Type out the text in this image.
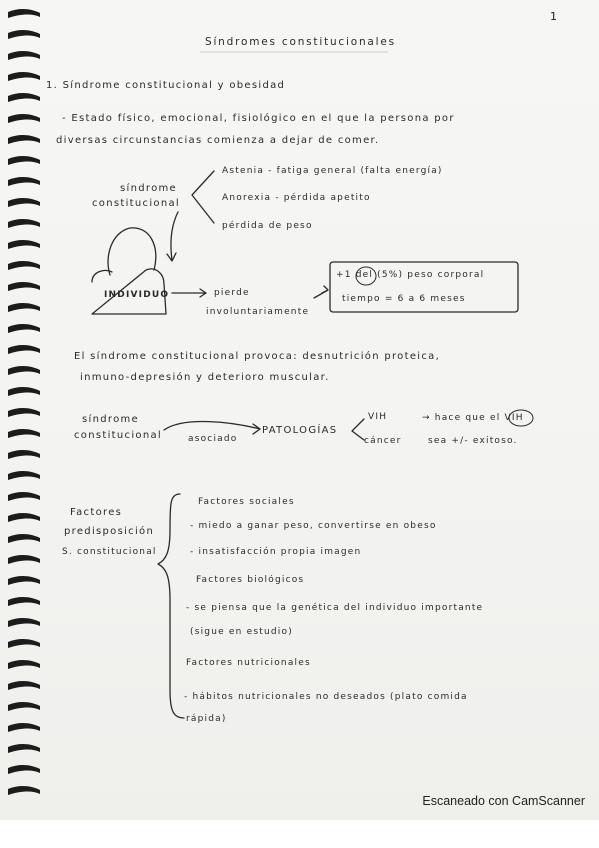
1
Síndromes constitucionales
1. Síndrome constitucional y obesidad
- Estado físico, emocional, fisiológico en el que la persona por
diversas circunstancias comienza a dejar de comer.
síndrome
constitucional
Astenia - fatiga general (falta energía)
Anorexia - pérdida apetito
pérdida de peso
INDIVIDUO	pierde
involuntariamente
+1 del (5%) peso corporal
tiempo = 6 a 6 meses
El síndrome constitucional provoca: desnutrición proteica,
inmuno-depresión y deterioro muscular.
síndrome
constitucional	asociado
PATOLOGÍAS
VIH	→ hace que el VIH
cáncer	sea +/- exitoso.
Factores
predisposición
S. constitucional
Factores sociales
- miedo a ganar peso, convertirse en obeso
- insatisfacción propia imagen
Factores biológicos
- se piensa que la genética del individuo importante
(sigue en estudio)
Factores nutricionales
- hábitos nutricionales no deseados (plato comida
rápida)
Escaneado con CamScanner
